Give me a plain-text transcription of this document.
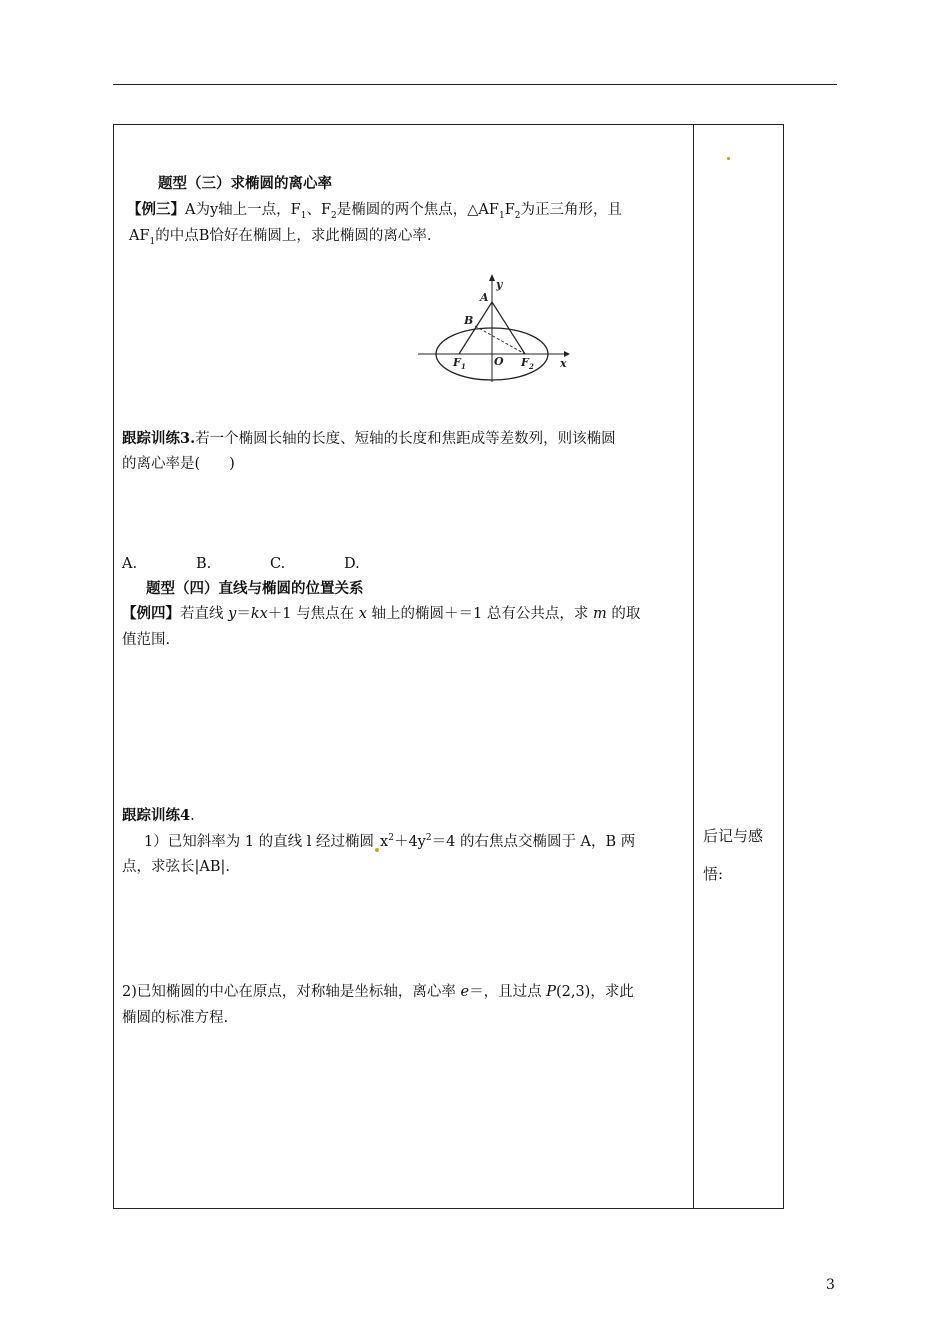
题型（三）求椭圆的离心率
【例三】A为y轴上一点，$F_1$、$F_2$是椭圆的两个焦点，$\triangle AF_1F_2$为正三角形，且
$AF_1$的中点B恰好在椭圆上，求此椭圆的离心率.
y
x
A
B
O
F 1	F 2
跟踪训练3.若一个椭圆长轴的长度、短轴的长度和焦距成等差数列，则该椭圆
的离心率是(　　)
A.	B.	C.	D.
题型（四）直线与椭圆的位置关系
【例四】若直线 y＝kx＋1 与焦点在 x 轴上的椭圆＋＝1 总有公共点，求 m 的取
值范围.
跟踪训练4.
1）已知斜率为 1 的直线 l 经过椭圆 $x^2+4y^2=4$ 的右焦点交椭圆于 A，B 两
点，求弦长|AB|.
2)已知椭圆的中心在原点，对称轴是坐标轴，离心率 e＝，且过点 P(2,3)，求此
椭圆的标准方程.
后记与感
悟:
3
